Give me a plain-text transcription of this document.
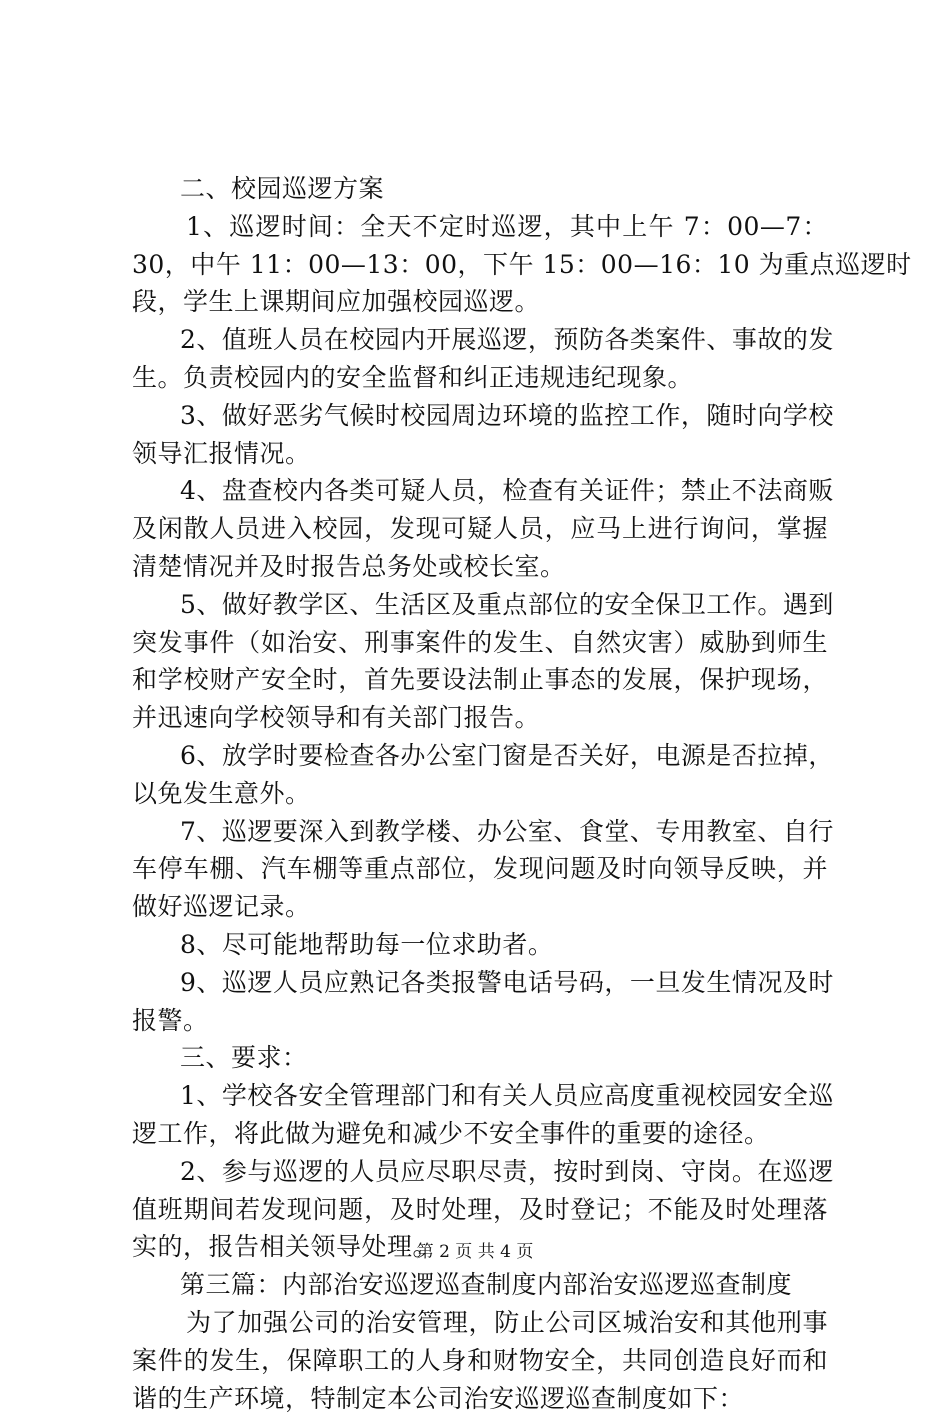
二、校园巡逻方案
1、巡逻时间：全天不定时巡逻，其中上午 7：00—7：
30，中午 11：00—13：00，下午 15：00—16：10 为重点巡逻时
段，学生上课期间应加强校园巡逻。
2、值班人员在校园内开展巡逻，预防各类案件、事故的发
生。负责校园内的安全监督和纠正违规违纪现象。
3、做好恶劣气候时校园周边环境的监控工作，随时向学校
领导汇报情况。
4、盘查校内各类可疑人员，检查有关证件；禁止不法商贩
及闲散人员进入校园，发现可疑人员，应马上进行询问，掌握
清楚情况并及时报告总务处或校长室。
5、做好教学区、生活区及重点部位的安全保卫工作。遇到
突发事件（如治安、刑事案件的发生、自然灾害）威胁到师生
和学校财产安全时，首先要设法制止事态的发展，保护现场，
并迅速向学校领导和有关部门报告。
6、放学时要检查各办公室门窗是否关好，电源是否拉掉，
以免发生意外。
7、巡逻要深入到教学楼、办公室、食堂、专用教室、自行
车停车棚、汽车棚等重点部位，发现问题及时向领导反映，并
做好巡逻记录。
8、尽可能地帮助每一位求助者。
9、巡逻人员应熟记各类报警电话号码，一旦发生情况及时
报警。
三、要求：
1、学校各安全管理部门和有关人员应高度重视校园安全巡
逻工作，将此做为避免和减少不安全事件的重要的途径。
2、参与巡逻的人员应尽职尽责，按时到岗、守岗。在巡逻
值班期间若发现问题，及时处理，及时登记；不能及时处理落
实的，报告相关领导处理。
第三篇：内部治安巡逻巡查制度内部治安巡逻巡查制度
为了加强公司的治安管理，防止公司区城治安和其他刑事
案件的发生，保障职工的人身和财物安全，共同创造良好而和
谐的生产环境，特制定本公司治安巡逻巡查制度如下：
第 2 页 共 4 页
